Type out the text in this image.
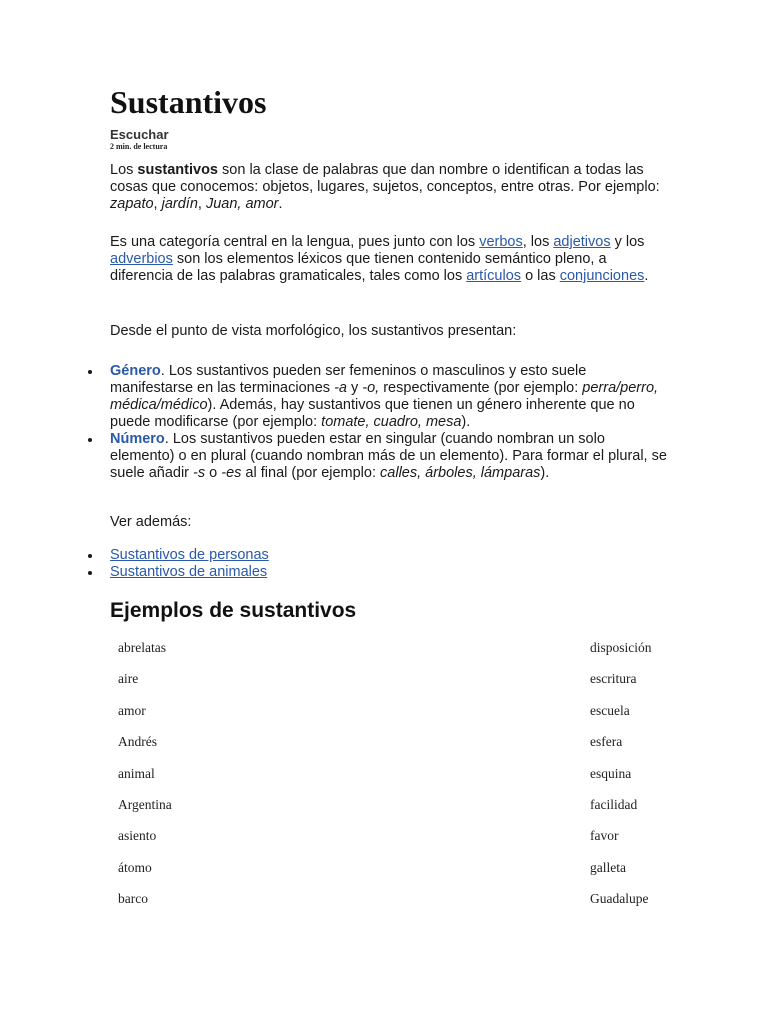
Sustantivos
Escuchar
2 min. de lectura

Los sustantivos son la clase de palabras que dan nombre o identifican a todas las cosas que conocemos: objetos, lugares, sujetos, conceptos, entre otras. Por ejemplo: zapato, jardín, Juan, amor.

Es una categoría central en la lengua, pues junto con los verbos, los adjetivos y los adverbios son los elementos léxicos que tienen contenido semántico pleno, a diferencia de las palabras gramaticales, tales como los artículos o las conjunciones.

Desde el punto de vista morfológico, los sustantivos presentan:

Género. Los sustantivos pueden ser femeninos o masculinos y esto suele manifestarse en las terminaciones -a y -o, respectivamente (por ejemplo: perra/perro, médica/médico). Además, hay sustantivos que tienen un género inherente que no puede modificarse (por ejemplo: tomate, cuadro, mesa).
Número. Los sustantivos pueden estar en singular (cuando nombran un solo elemento) o en plural (cuando nombran más de un elemento). Para formar el plural, se suele añadir -s o -es al final (por ejemplo: calles, árboles, lámparas).

Ver además:

Sustantivos de personas
Sustantivos de animales
Ejemplos de sustantivos
abrelatas	disposición
aire	escritura
amor	escuela
Andrés	esfera
animal	esquina
Argentina	facilidad
asiento	favor
átomo	galleta
barco	Guadalupe
